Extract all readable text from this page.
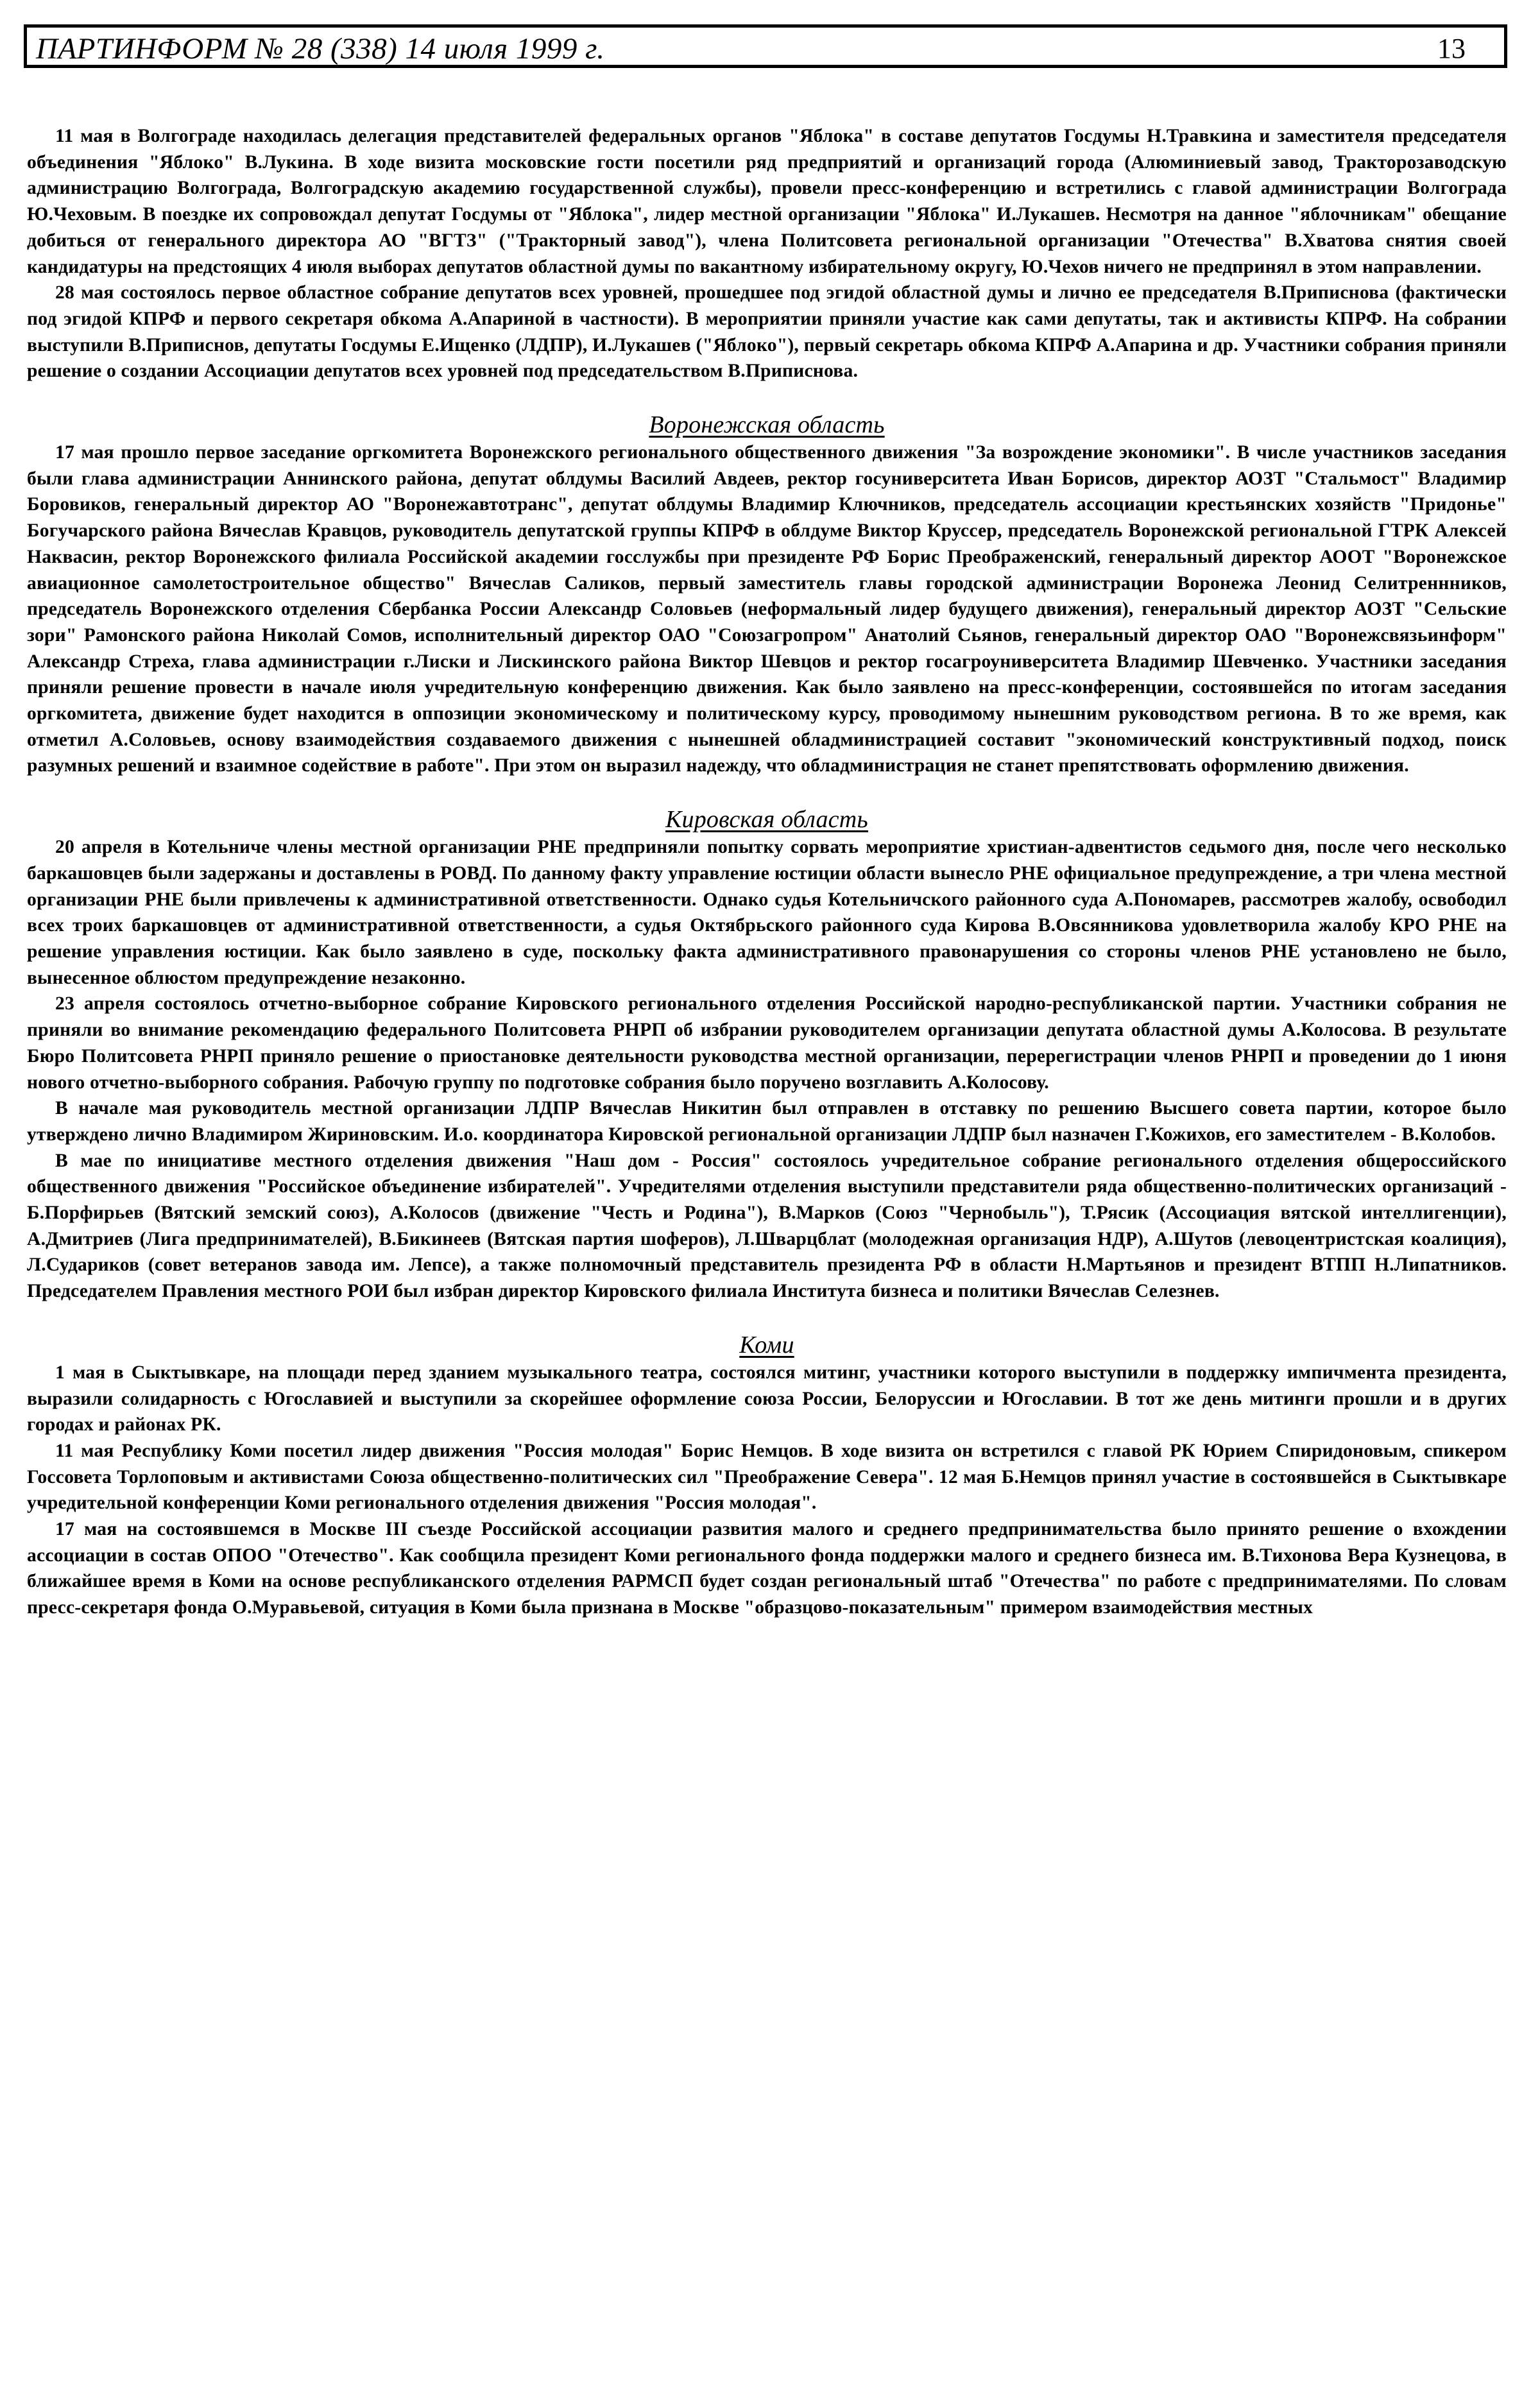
ПАРТИНФОРМ № 28 (338) 14 июля 1999 г.	13

11 мая в Волгограде находилась делегация представителей федеральных органов "Яблока" в составе депутатов Госдумы Н.Травкина и заместителя председателя объединения "Яблоко" В.Лукина. В ходе визита московские гости посетили ряд предприятий и организаций города (Алюминиевый завод, Тракторозаводскую администрацию Волгограда, Волгоградскую академию государственной службы), провели пресс-конференцию и встретились с главой администрации Волгограда Ю.Чеховым. В поездке их сопровождал депутат Госдумы от "Яблока", лидер местной организации "Яблока" И.Лукашев. Несмотря на данное "яблочникам" обещание добиться от генерального директора АО "ВГТЗ" ("Тракторный завод"), члена Политсовета региональной организации "Отечества" В.Хватова снятия своей кандидатуры на предстоящих 4 июля выборах депутатов областной думы по вакантному избирательному округу, Ю.Чехов ничего не предпринял в этом направлении.

28 мая состоялось первое областное собрание депутатов всех уровней, прошедшее под эгидой областной думы и лично ее председателя В.Приписнова (фактически под эгидой КПРФ и первого секретаря обкома А.Апариной в частности). В мероприятии приняли участие как сами депутаты, так и активисты КПРФ. На собрании выступили В.Приписнов, депутаты Госдумы Е.Ищенко (ЛДПР), И.Лукашев ("Яблоко"), первый секретарь обкома КПРФ А.Апарина и др. Участники собрания приняли решение о создании Ассоциации депутатов всех уровней под председательством В.Приписнова.

Воронежская область

17 мая прошло первое заседание оргкомитета Воронежского регионального общественного движения "За возрождение экономики". В числе участников заседания были глава администрации Аннинского района, депутат облдумы Василий Авдеев, ректор госуниверситета Иван Борисов, директор АОЗТ "Стальмост" Владимир Боровиков, генеральный директор АО "Воронежавтотранс", депутат облдумы Владимир Ключников, председатель ассоциации крестьянских хозяйств "Придонье" Богучарского района Вячеслав Кравцов, руководитель депутатской группы КПРФ в облдуме Виктор Круссер, председатель Воронежской региональной ГТРК Алексей Наквасин, ректор Воронежского филиала Российской академии госслужбы при президенте РФ Борис Преображенский, генеральный директор АООТ "Воронежское авиационное самолетостроительное общество" Вячеслав Саликов, первый заместитель главы городской администрации Воронежа Леонид Селитреннников, председатель Воронежского отделения Сбербанка России Александр Соловьев (неформальный лидер будущего движения), генеральный директор АОЗТ "Сельские зори" Рамонского района Николай Сомов, исполнительный директор ОАО "Союзагропром" Анатолий Сьянов, генеральный директор ОАО "Воронежсвязьинформ" Александр Стреха, глава администрации г.Лиски и Лискинского района Виктор Шевцов и ректор госагроуниверситета Владимир Шевченко. Участники заседания приняли решение провести в начале июля учредительную конференцию движения. Как было заявлено на пресс-конференции, состоявшейся по итогам заседания оргкомитета, движение будет находится в оппозиции экономическому и политическому курсу, проводимому нынешним руководством региона. В то же время, как отметил А.Соловьев, основу взаимодействия создаваемого движения с нынешней обладминистрацией составит "экономический конструктивный подход, поиск разумных решений и взаимное содействие в работе". При этом он выразил надежду, что обладминистрация не станет препятствовать оформлению движения.

Кировская область

20 апреля в Котельниче члены местной организации РНЕ предприняли попытку сорвать мероприятие христиан-адвентистов седьмого дня, после чего несколько баркашовцев были задержаны и доставлены в РОВД. По данному факту управление юстиции области вынесло РНЕ официальное предупреждение, а три члена местной организации РНЕ были привлечены к административной ответственности. Однако судья Котельничского районного суда А.Пономарев, рассмотрев жалобу, освободил всех троих баркашовцев от административной ответственности, а судья Октябрьского районного суда Кирова В.Овсянникова удовлетворила жалобу КРО РНЕ на решение управления юстиции. Как было заявлено в суде, поскольку факта административного правонарушения со стороны членов РНЕ установлено не было, вынесенное облюстом предупреждение незаконно.

23 апреля состоялось отчетно-выборное собрание Кировского регионального отделения Российской народно-республиканской партии. Участники собрания не приняли во внимание рекомендацию федерального Политсовета РНРП об избрании руководителем организации депутата областной думы А.Колосова. В результате Бюро Политсовета РНРП приняло решение о приостановке деятельности руководства местной организации, перерегистрации членов РНРП и проведении до 1 июня нового отчетно-выборного собрания. Рабочую группу по подготовке собрания было поручено возглавить А.Колосову.

В начале мая руководитель местной организации ЛДПР Вячеслав Никитин был отправлен в отставку по решению Высшего совета партии, которое было утверждено лично Владимиром Жириновским. И.о. координатора Кировской региональной организации ЛДПР был назначен Г.Кожихов, его заместителем - В.Колобов.

В мае по инициативе местного отделения движения "Наш дом - Россия" состоялось учредительное собрание регионального отделения общероссийского общественного движения "Российское объединение избирателей". Учредителями отделения выступили представители ряда общественно-политических организаций - Б.Порфирьев (Вятский земский союз), А.Колосов (движение "Честь и Родина"), В.Марков (Союз "Чернобыль"), Т.Рясик (Ассоциация вятской интеллигенции), А.Дмитриев (Лига предпринимателей), В.Бикинеев (Вятская партия шоферов), Л.Шварцблат (молодежная организация НДР), А.Шутов (левоцентристская коалиция), Л.Судариков (совет ветеранов завода им. Лепсе), а также полномочный представитель президента РФ в области Н.Мартьянов и президент ВТПП Н.Липатников. Председателем Правления местного РОИ был избран директор Кировского филиала Института бизнеса и политики Вячеслав Селезнев.

Коми

1 мая в Сыктывкаре, на площади перед зданием музыкального театра, состоялся митинг, участники которого выступили в поддержку импичмента президента, выразили солидарность с Югославией и выступили за скорейшее оформление союза России, Белоруссии и Югославии. В тот же день митинги прошли и в других городах и районах РК.

11 мая Республику Коми посетил лидер движения "Россия молодая" Борис Немцов. В ходе визита он встретился с главой РК Юрием Спиридоновым, спикером Госсовета Торлоповым и активистами Союза общественно-политических сил "Преображение Севера". 12 мая Б.Немцов принял участие в состоявшейся в Сыктывкаре учредительной конференции Коми регионального отделения движения "Россия молодая".

17 мая на состоявшемся в Москве III съезде Российской ассоциации развития малого и среднего предпринимательства было принято решение о вхождении ассоциации в состав ОПОО "Отечество". Как сообщила президент Коми регионального фонда поддержки малого и среднего бизнеса им. В.Тихонова Вера Кузнецова, в ближайшее время в Коми на основе республиканского отделения РАРМСП будет создан региональный штаб "Отечества" по работе с предпринимателями. По словам пресс-секретаря фонда О.Муравьевой, ситуация в Коми была признана в Москве "образцово-показательным" примером взаимодействия местных
